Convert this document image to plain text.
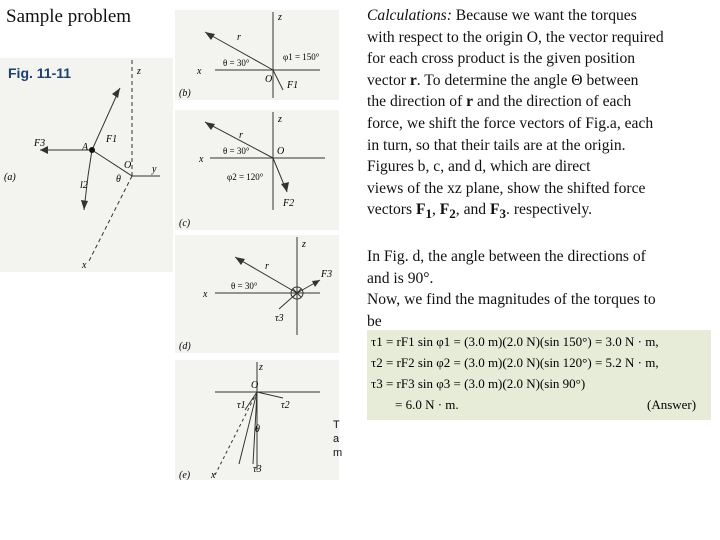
Sample problem
Fig. 11-11	z
y
x
F3	A
F1
l2
θ
O
(a)
z
x
r
θ = 30°
φ1 = 150°
O
F1
(b)
z
x
r
θ = 30°	O
φ2 = 120°
F2
(c)
z
x
r
θ = 30°
F3
τ3
(d)
z
O
τ1	τ2
θ
τ3
x
(e)
T
a
m

Calculations: Because we want the torques

with respect to the origin O, the vector required

for each cross product is the given position

vector r. To determine the angle Θ between

the direction of r and the direction of each

force, we shift the force vectors of Fig.a, each

in turn, so that their tails are at the origin.

Figures b, c, and d, which are direct

views of the xz plane, show the shifted force

vectors $F_1$, $F_2$, and $F_3$. respectively.

In Fig. d, the angle between the directions of

and is 90°.

Now, we find the magnitudes of the torques to

be

τ1 = rF1 sin φ1 = (3.0 m)(2.0 N)(sin 150°) = 3.0 N · m,
τ2 = rF2 sin φ2 = (3.0 m)(2.0 N)(sin 120°) = 5.2 N · m,
τ3 = rF3 sin φ3 = (3.0 m)(2.0 N)(sin 90°)
= 6.0 N · m.	(Answer)
